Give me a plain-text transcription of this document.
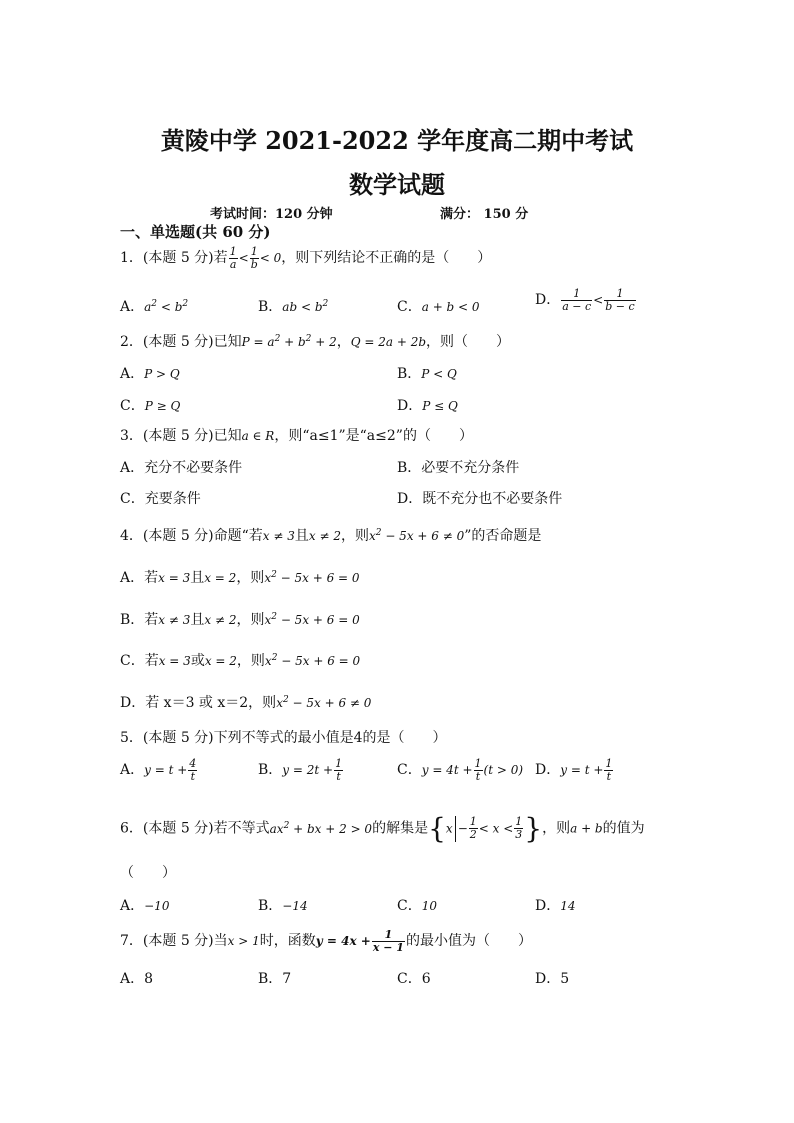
黄陵中学 2021-2022 学年度高二期中考试
数学试题
考试时间：120 分钟	满分： 150 分
一、单选题(共 60 分)
1．(本题 5 分)若 $\frac{1}{a} < \frac{1}{b} < 0$，则下列结论不正确的是（　　）
A．$a^2 < b^2$	B．ab < $b^2$	C．a + b < 0	D． $\frac{1}{a - c} < \frac{1}{b - c}$
2．(本题 5 分)已知$P = a^2 + b^2 + 2$，Q = 2a + 2b，则（　　）
A．P > Q	B．P < Q
C．P ≥ Q	D．P ≤ Q
3．(本题 5 分)已知a ∈ R，则“a≤1”是“a≤2”的（　　）
A．充分不必要条件	B．必要不充分条件
C．充要条件	D．既不充分也不必要条件
4．(本题 5 分)命题“若x ≠ 3且x ≠ 2，则$x^2 - 5x + 6 \ne 0$”的否命题是
A．若x = 3且x = 2，则$x^2 - 5x + 6 = 0$
B．若x ≠ 3且x ≠ 2，则$x^2 - 5x + 6 = 0$
C．若x = 3或x = 2，则$x^2 - 5x + 6 = 0$
D．若 x＝3 或 x＝2，则$x^2 - 5x + 6 \ne 0$
5．(本题 5 分)下列不等式的最小值是4的是（　　）
A．$y = t + \frac{4}{t}$	B．$y = 2t + \frac{1}{t}$	C．$y = 4t + \frac{1}{t} (t > 0)$ D．$y = t + \frac{1}{t}$
6．(本题 5 分)若不等式$ax^2$ + bx + 2 > 0的解集是{$x - \frac{1}{2} < x < \frac{1}{3}$ }，则a + b的值为
（　　）
A．−10	B．−14	C．10	D．14
7．(本题 5 分)当x > 1时，函数$y = 4x + \frac{1}{x - 1}$ 的最小值为（　　）
A．8	B．7	C．6	D．5
